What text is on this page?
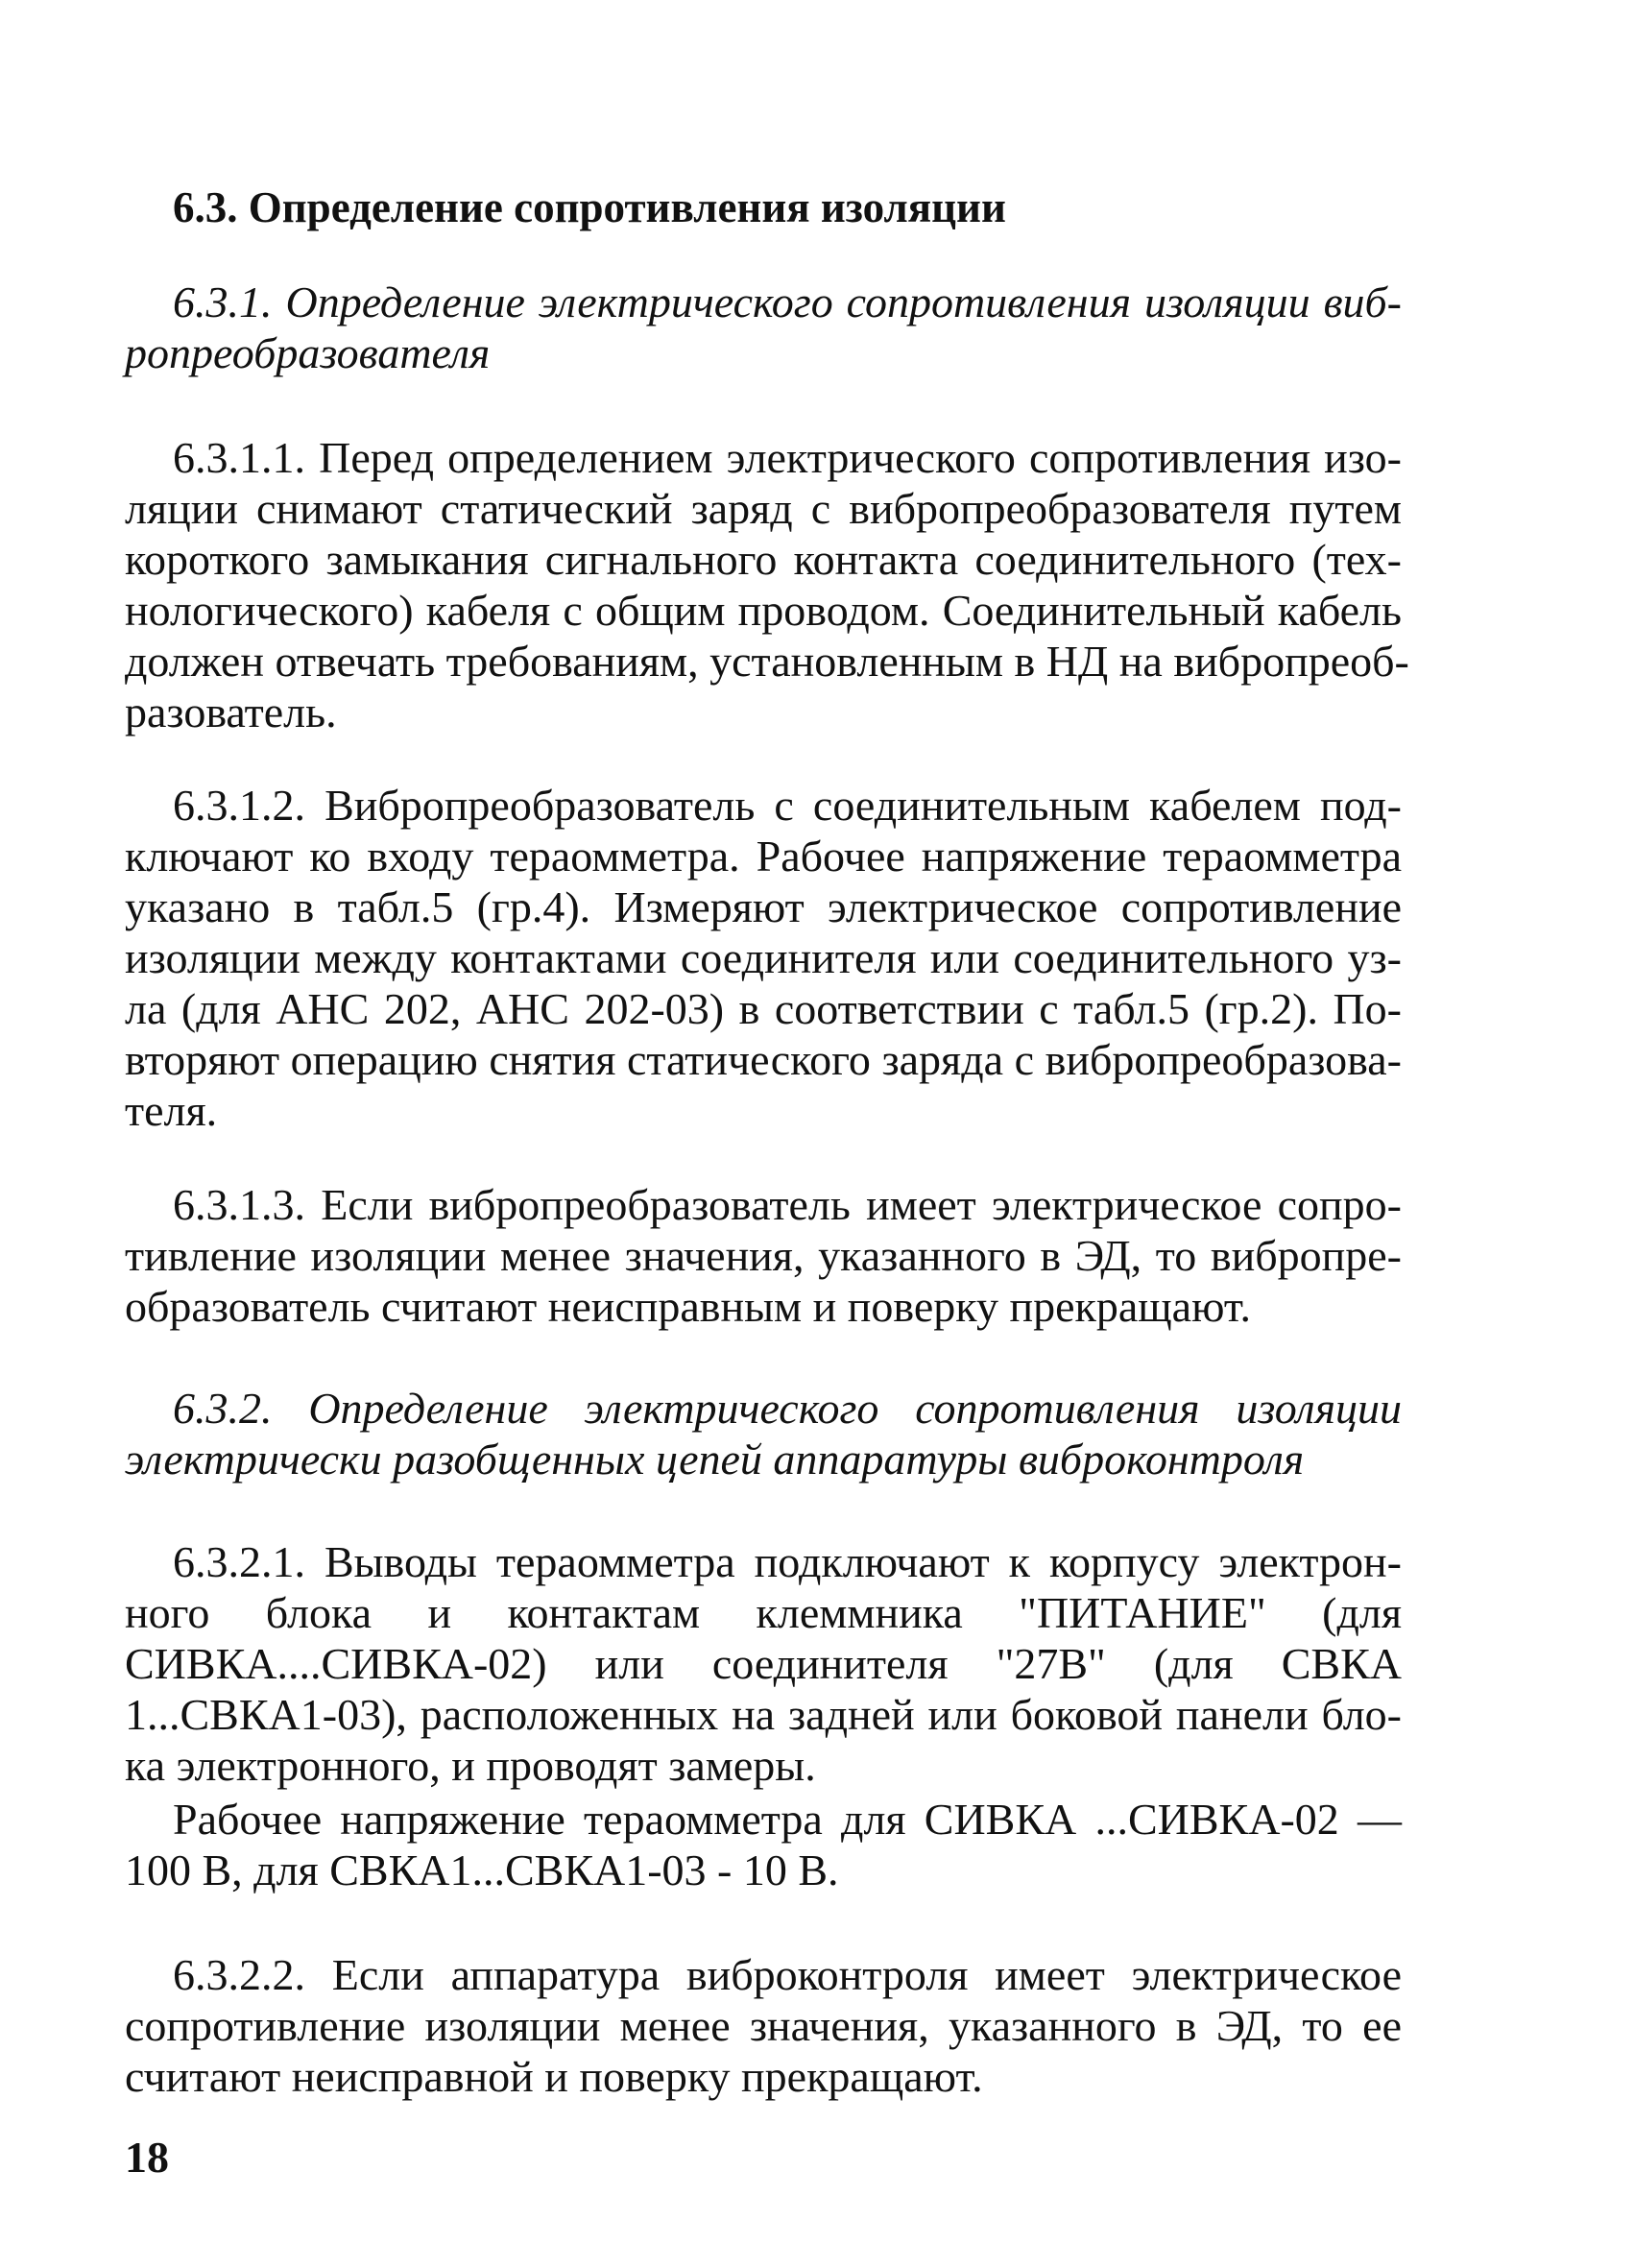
6.3. Определение сопротивления изоляции
6.3.1. Определение электрического сопротивления изоляции виб-
ропреобразователя
6.3.1.1. Перед определением электрического сопротивления изо-
ляции снимают статический заряд с вибропреобразователя путем
короткого замыкания сигнального контакта соединительного (тех-
нологического) кабеля с общим проводом. Соединительный кабель
должен отвечать требованиям, установленным в НД на вибропреоб-
разователь.
6.3.1.2. Вибропреобразователь с соединительным кабелем под-
ключают ко входу тераомметра. Рабочее напряжение тераомметра
указано в табл.5 (гр.4). Измеряют электрическое сопротивление
изоляции между контактами соединителя или соединительного уз-
ла (для АНС 202, АНС 202-03) в соответствии с табл.5 (гр.2). По-
вторяют операцию снятия статического заряда с вибропреобразова-
теля.
6.3.1.3. Если вибропреобразователь имеет электрическое сопро-
тивление изоляции менее значения, указанного в ЭД, то вибропре-
образователь считают неисправным и поверку прекращают.
6.3.2. Определение электрического сопротивления изоляции
электрически разобщенных цепей аппаратуры виброконтроля
6.3.2.1. Выводы тераомметра подключают к корпусу электрон-
ного блока и контактам клеммника "ПИТАНИЕ" (для
СИВКА....СИВКА-02) или соединителя "27В" (для СВКА
1...СВКА1-03), расположенных на задней или боковой панели бло-
ка электронного, и проводят замеры.
Рабочее напряжение тераомметра для СИВКА ...СИВКА-02 —
100 В, для СВКА1...СВКА1-03 - 10 В.
6.3.2.2. Если аппаратура виброконтроля имеет электрическое
сопротивление изоляции менее значения, указанного в ЭД, то ее
считают неисправной и поверку прекращают.
18
